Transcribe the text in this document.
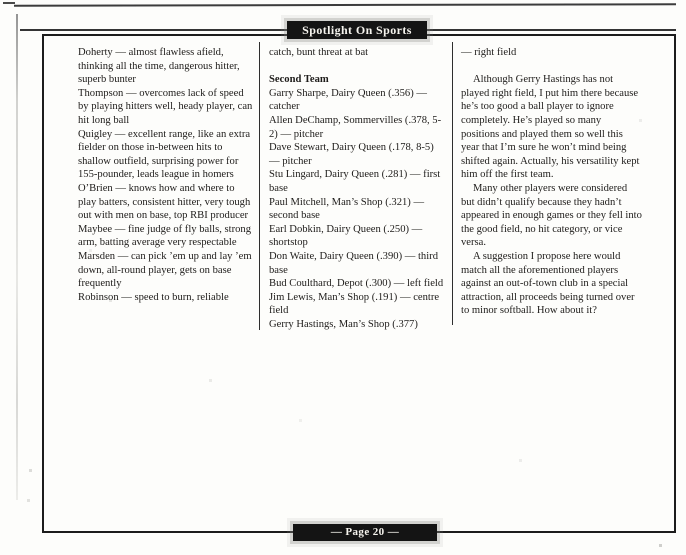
Spotlight On Sports

Doherty — almost flawless afield, thinking all the time, dangerous hitter, superb bunter

Thompson — overcomes lack of speed by playing hitters well, heady player, can hit long ball

Quigley — excellent range, like an extra fielder on those in-between hits to shallow outfield, surprising power for 155-pounder, leads league in homers

O’Brien — knows how and where to play batters, consistent hitter, very tough out with men on base, top RBI producer

Maybee — fine judge of fly balls, strong arm, batting average very respectable

Marsden — can pick ’em up and lay ’em down, all-round player, gets on base frequently

Robinson — speed to burn, reliable

catch, bunt threat at bat

Second Team

Garry Sharpe, Dairy Queen (.356) — catcher

Allen DeChamp, Sommervilles (.378, 5-2) — pitcher

Dave Stewart, Dairy Queen (.178, 8-5) — pitcher

Stu Lingard, Dairy Queen (.281) — first base

Paul Mitchell, Man’s Shop (.321) — second base

Earl Dobkin, Dairy Queen (.250) — shortstop

Don Waite, Dairy Queen (.390) — third base

Bud Coulthard, Depot (.300) — left field

Jim Lewis, Man’s Shop (.191) — centre field

Gerry Hastings, Man’s Shop (.377)

— right field

Although Gerry Hastings has not played right field, I put him there because he’s too good a ball player to ignore completely. He’s played so many positions and played them so well this year that I’m sure he won’t mind being shifted again. Actually, his versatility kept him off the first team.

Many other players were considered but didn’t qualify because they hadn’t appeared in enough games or they fell into the good field, no hit category, or vice versa.

A suggestion I propose here would match all the aforementioned players against an out-of-town club in a special attraction, all proceeds being turned over to minor softball. How about it?

— Page 20 —
